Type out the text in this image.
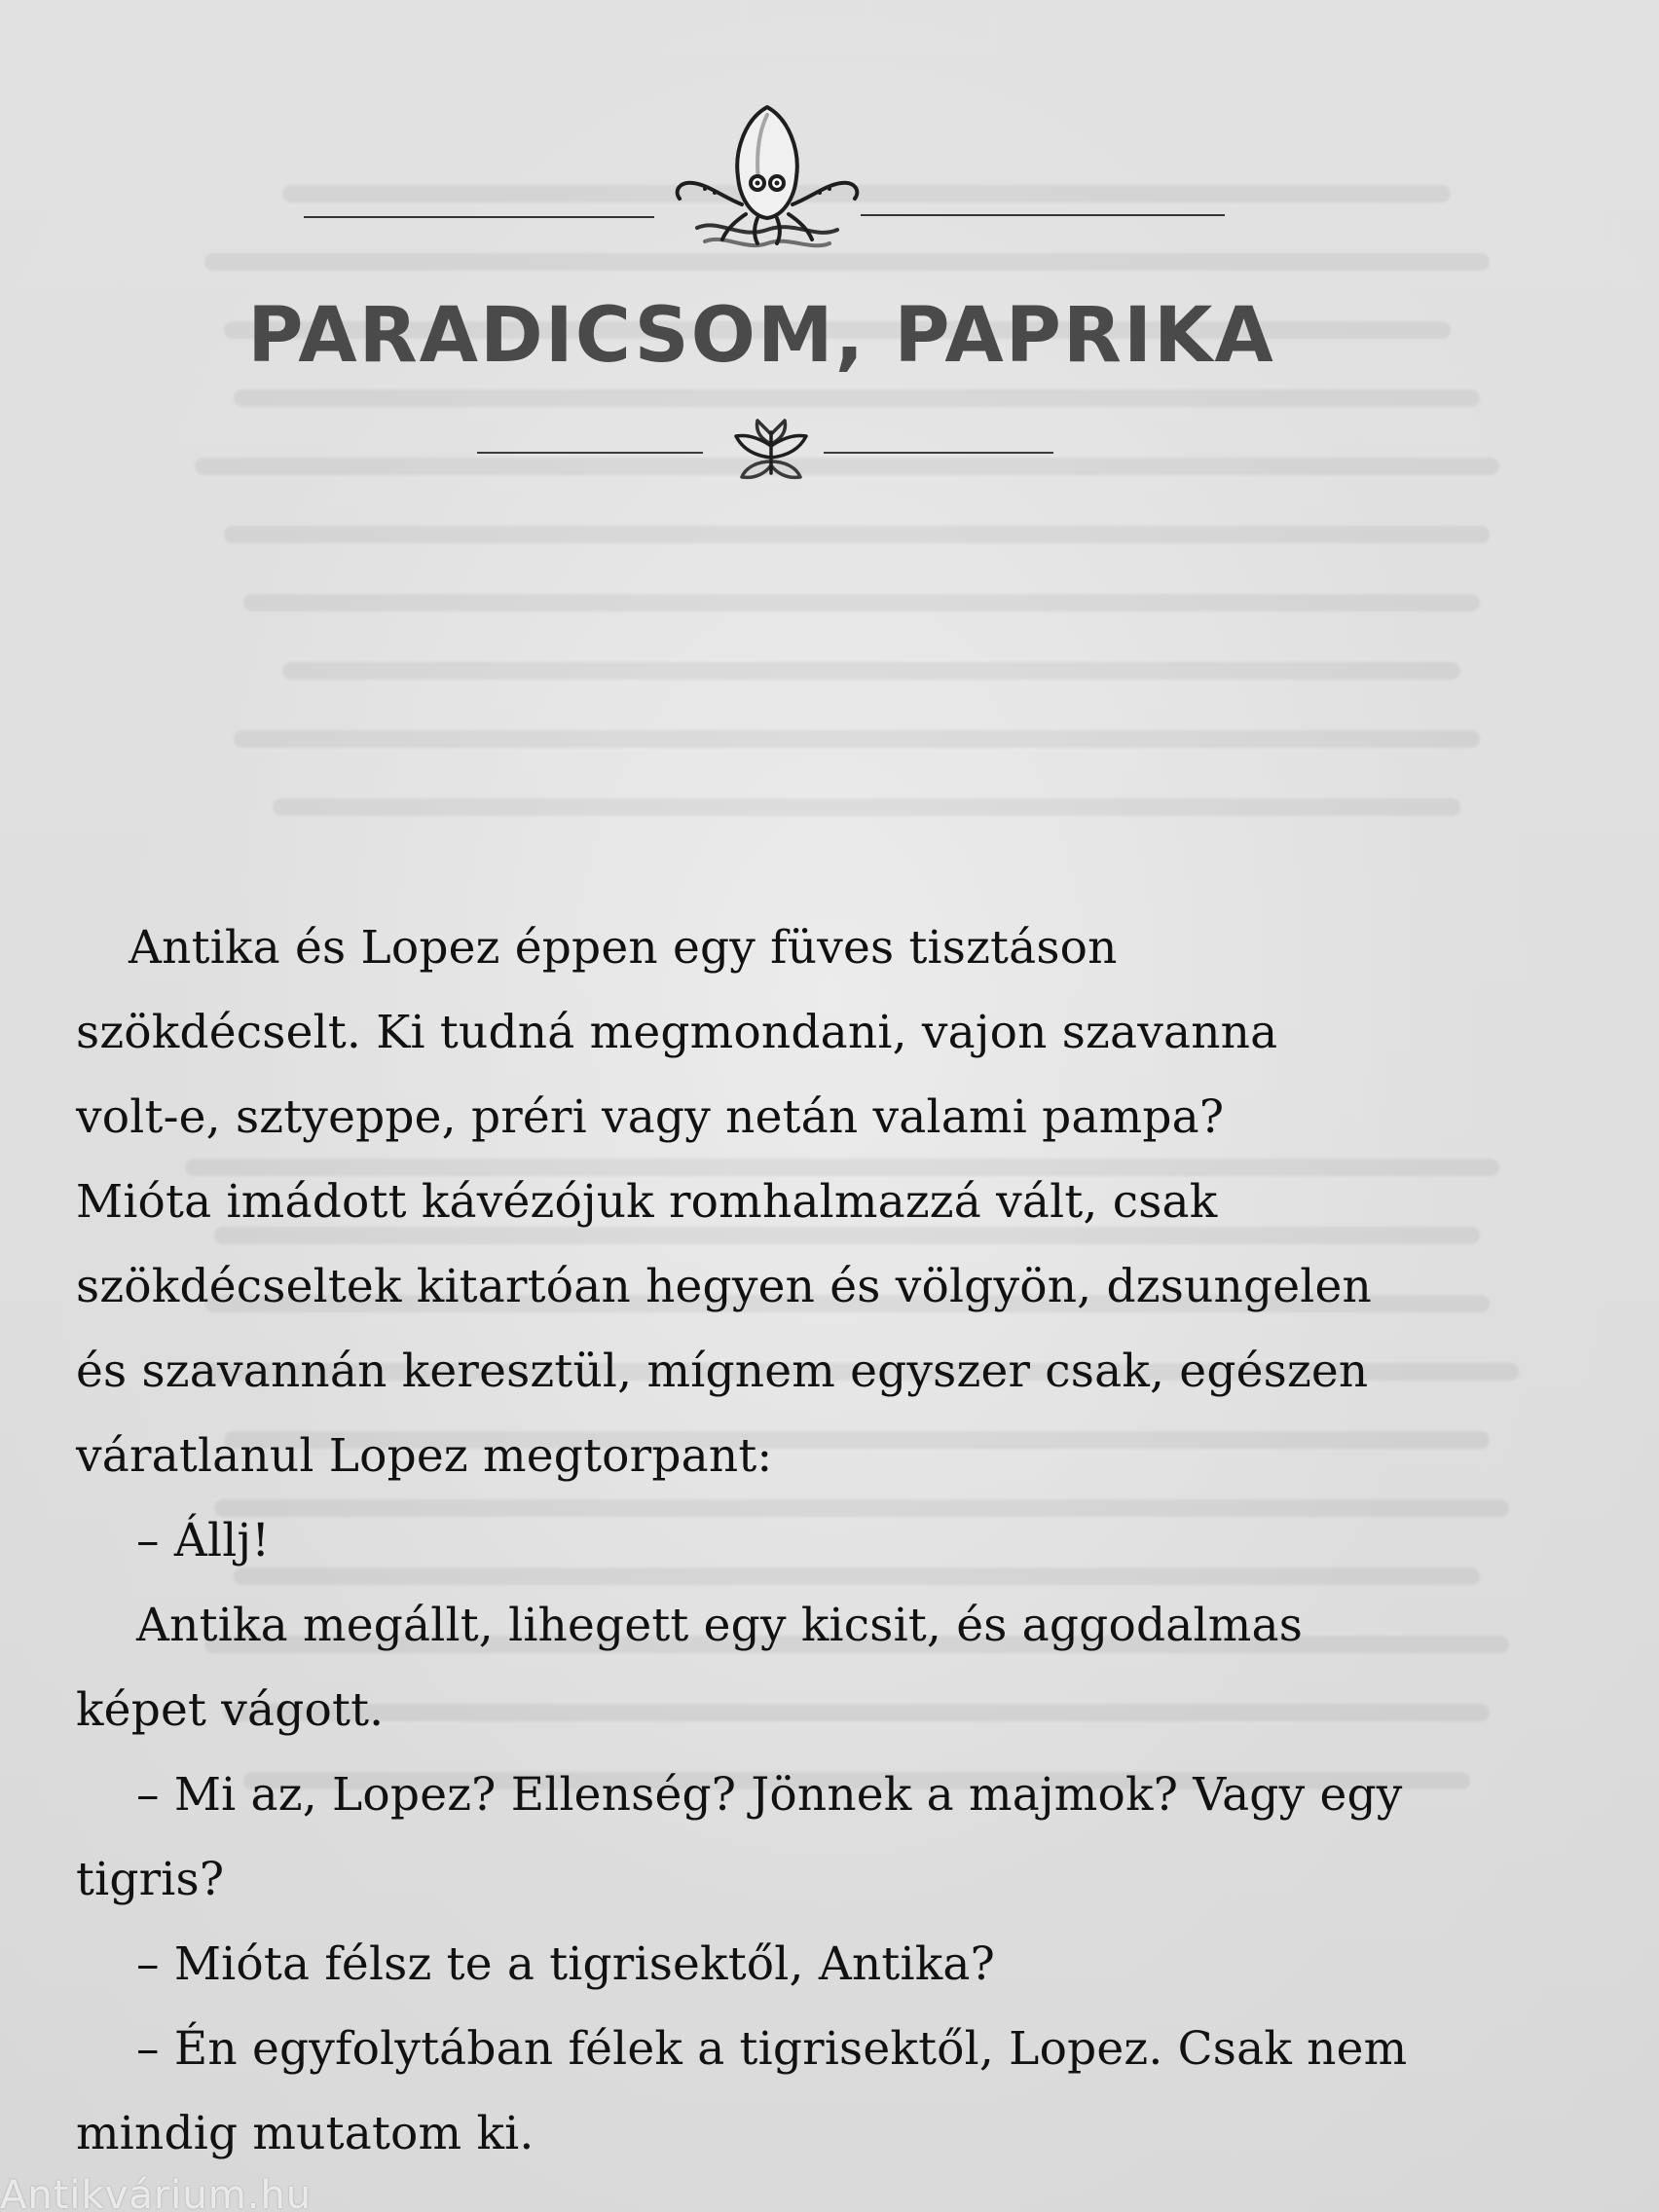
PARADICSOM, PAPRIKA
Antika és Lopez éppen egy füves tisztáson
szökdécselt. Ki tudná megmondani, vajon szavanna
volt-e, sztyeppe, préri vagy netán valami pampa?
Mióta imádott kávézójuk romhalmazzá vált, csak
szökdécseltek kitartóan hegyen és völgyön, dzsungelen
és szavannán keresztül, mígnem egyszer csak, egészen
váratlanul Lopez megtorpant:
– Állj!
Antika megállt, lihegett egy kicsit, és aggodalmas
képet vágott.
– Mi az, Lopez? Ellenség? Jönnek a majmok? Vagy egy
tigris?
– Mióta félsz te a tigrisektől, Antika?
– Én egyfolytában félek a tigrisektől, Lopez. Csak nem
mindig mutatom ki.
Antikvárium.hu
